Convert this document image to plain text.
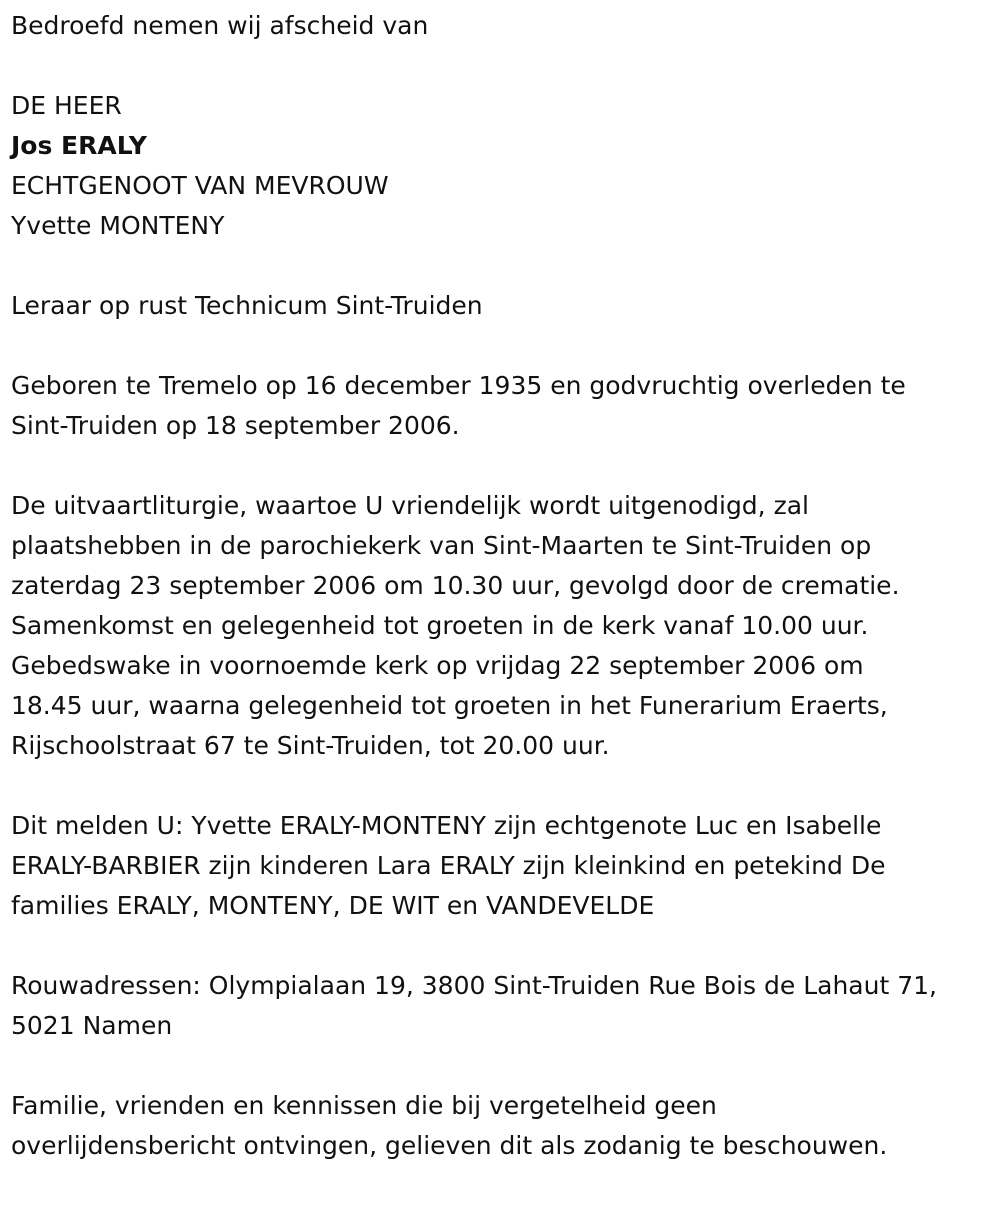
Bedroefd nemen wij afscheid van

DE HEER

Jos ERALY

ECHTGENOOT VAN MEVROUW

Yvette MONTENY

Leraar op rust Technicum Sint-Truiden

Geboren te Tremelo op 16 december 1935 en godvruchtig overleden te

Sint-Truiden op 18 september 2006.

De uitvaartliturgie, waartoe U vriendelijk wordt uitgenodigd, zal

plaatshebben in de parochiekerk van Sint-Maarten te Sint-Truiden op

zaterdag 23 september 2006 om 10.30 uur, gevolgd door de crematie.

Samenkomst en gelegenheid tot groeten in de kerk vanaf 10.00 uur.

Gebedswake in voornoemde kerk op vrijdag 22 september 2006 om

18.45 uur, waarna gelegenheid tot groeten in het Funerarium Eraerts,

Rijschoolstraat 67 te Sint-Truiden, tot 20.00 uur.

Dit melden U: Yvette ERALY-MONTENY zijn echtgenote Luc en Isabelle

ERALY-BARBIER zijn kinderen Lara ERALY zijn kleinkind en petekind De

families ERALY, MONTENY, DE WIT en VANDEVELDE

Rouwadressen: Olympialaan 19, 3800 Sint-Truiden Rue Bois de Lahaut 71,

5021 Namen

Familie, vrienden en kennissen die bij vergetelheid geen

overlijdensbericht ontvingen, gelieven dit als zodanig te beschouwen.
